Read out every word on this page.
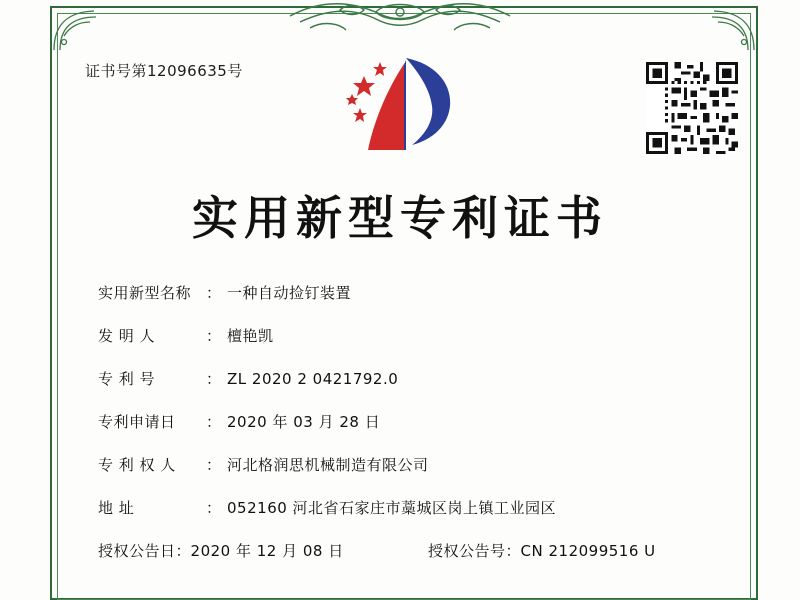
证书号第12096635号
实用新型专利证书
实用新型名称 ： 一种自动捡钉装置
发 明 人	： 檀艳凯
专 利 号	： ZL 2020 2 0421792.0
专利申请日	： 2020 年 03 月 28 日
专 利 权 人	： 河北格润思机械制造有限公司
地 址	： 052160 河北省石家庄市藁城区岗上镇工业园区
授权公告日 ： 2020 年 12 月 08 日	授权公告号 ： CN 212099516 U
